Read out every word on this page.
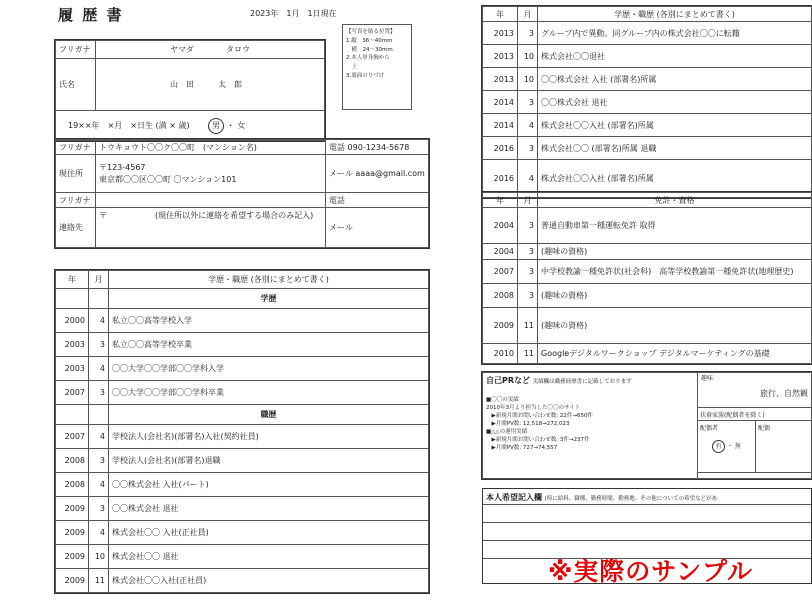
履 歴 書	2023年　1月　1日現在
【写真を貼る位置】
1.縦　36～40mm
　横　24～30mm
2.本人単身胸から
　上
3.裏面のりづけ
フリガナ	ヤマダ　　　　タロウ
氏名	山田　太郎
19××年　×月　×日生 (満 × 歳) 男 ・ 女	
フリガナ	トウキョウト〇〇ク〇〇町　(マンション名)	電話 090-1234-5678
現住所	〒123-4567
東京都〇〇区〇〇町 〇マンション101	メール aaaa@gmail.com
フリガナ		電話
連絡先	〒　　　　　　(現住所以外に連絡を希望する場合のみ記入)	メール
年	月	学歴・職歴 (各別にまとめて書く)
		学歴
2000	4	私立〇〇高等学校入学
2003	3	私立〇〇高等学校卒業
2003	4	〇〇大学〇〇学部〇〇学科入学
2007	3	〇〇大学〇〇学部〇〇学科卒業
		職歴
2007	4	学校法人(会社名)(部署名)入社(契約社員)
2008	3	学校法人(会社名)(部署名)退職
2008	4	〇〇株式会社 入社(パート)
2009	3	〇〇株式会社 退社
2009	4	株式会社〇〇 入社(正社員)
2009	10	株式会社〇〇 退社
2009	11	株式会社〇〇入社(正社員)
年	月	学歴・職歴 (各別にまとめて書く)
2013	3	グループ内で異動。同グループ内の株式会社〇〇に転籍
2013	10	株式会社〇〇退社
2013	10	〇〇株式会社 入社 (部署名)所属
2014	3	〇〇株式会社 退社
2014	4	株式会社〇〇入社 (部署名)所属
2016	3	株式会社〇〇 (部署名)所属 退職
2016	4	株式会社〇〇入社 (部署名)所属
年	月	免許・資格
2004	3	普通自動車第一種運転免許 取得
2004	3	(趣味の資格)
2007	3	中学校教諭一種免許状(社会科)　高等学校教諭第一種免許状(地理歴史)
2008	3	(趣味の資格)
2009	11	(趣味の資格)
2010	11	Googleデジタルワークショップ デジタルマーケティングの基礎
自己PRなど 実績欄は職務経歴書に記載しております
■〇〇の実績
2010年3月より担当した〇〇のサイト
　▶新規月間お問い合わせ数: 22件→650件
　▶月間PV数: 12,518→272,023
■△△の運用実績
　▶新規月間お問い合わせ数: 3件→237件
　▶月間PV数: 727→74,557

趣味
旅行、自然観
扶養家族(配偶者を除く)
配偶者
有 ・ 無
配偶
本人希望記入欄 (特に給料、職種、勤務時間、勤務地、その他についての希望などがあ
※実際のサンプル
